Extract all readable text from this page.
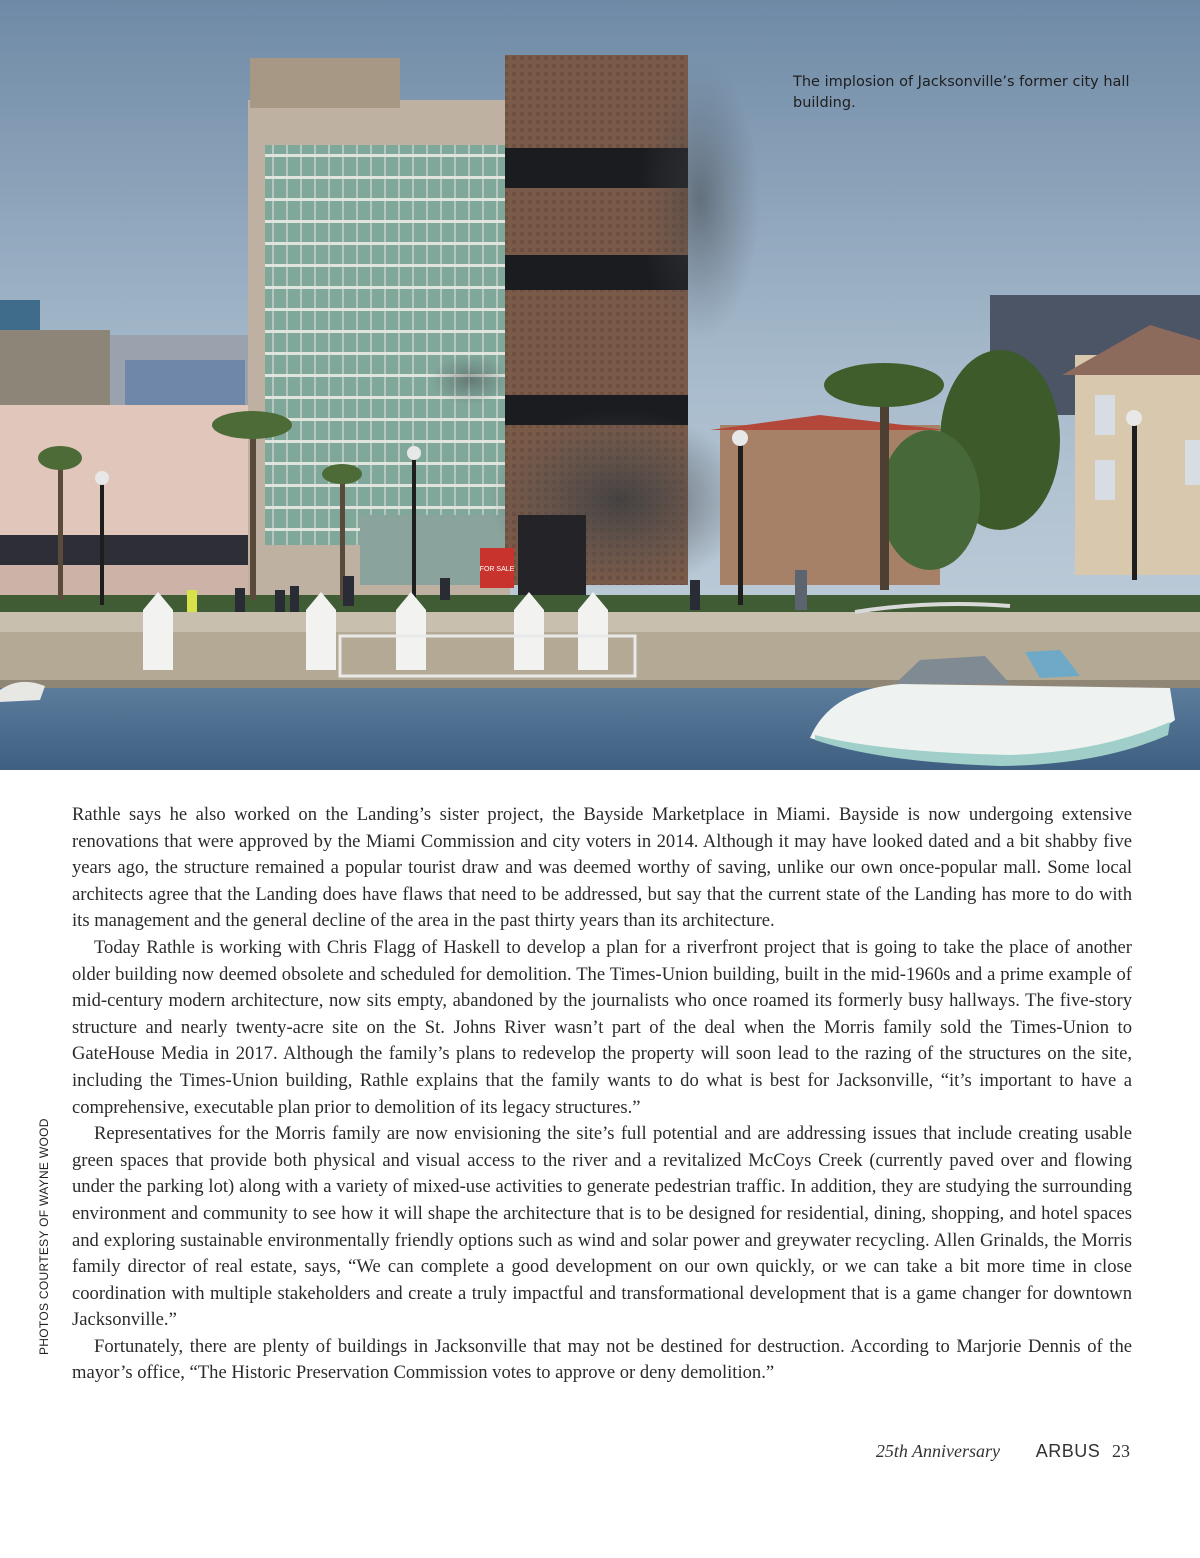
FOR SALE
The implosion of Jacksonville’s former city hall building.
PHOTOS COURTESY OF WAYNE WOOD

Rathle says he also worked on the Landing’s sister project, the Bayside Marketplace in Miami. Bayside is now undergoing extensive renovations that were approved by the Miami Commission and city voters in 2014. Although it may have looked dated and a bit shabby five years ago, the structure remained a popular tourist draw and was deemed worthy of saving, unlike our own once-popular mall. Some local architects agree that the Landing does have flaws that need to be addressed, but say that the current state of the Landing has more to do with its management and the general decline of the area in the past thirty years than its architecture.

Today Rathle is working with Chris Flagg of Haskell to develop a plan for a riverfront project that is going to take the place of another older building now deemed obsolete and scheduled for demolition. The Times-Union building, built in the mid-1960s and a prime example of mid-century modern architecture, now sits empty, abandoned by the journalists who once roamed its formerly busy hallways. The five-story structure and nearly twenty-acre site on the St. Johns River wasn’t part of the deal when the Morris family sold the Times-Union to GateHouse Media in 2017. Although the family’s plans to redevelop the property will soon lead to the razing of the structures on the site, including the Times-Union building, Rathle explains that the family wants to do what is best for Jacksonville, “it’s important to have a comprehensive, executable plan prior to demolition of its legacy structures.”

Representatives for the Morris family are now envisioning the site’s full potential and are addressing issues that include creating usable green spaces that provide both physical and visual access to the river and a revitalized McCoys Creek (currently paved over and flowing under the parking lot) along with a variety of mixed-use activities to generate pedestrian traffic. In addition, they are studying the surrounding environment and community to see how it will shape the architecture that is to be designed for residential, dining, shopping, and hotel spaces and exploring sustainable environmentally friendly options such as wind and solar power and greywater recycling. Allen Grinalds, the Morris family director of real estate, says, “We can complete a good development on our own quickly, or we can take a bit more time in close coordination with multiple stakeholders and create a truly impactful and transformational development that is a game changer for downtown Jacksonville.”

Fortunately, there are plenty of buildings in Jacksonville that may not be destined for destruction. According to Marjorie Dennis of the mayor’s office, “The Historic Preservation Commission votes to approve or deny demolition.”

25th Anniversary ARBUS 23
